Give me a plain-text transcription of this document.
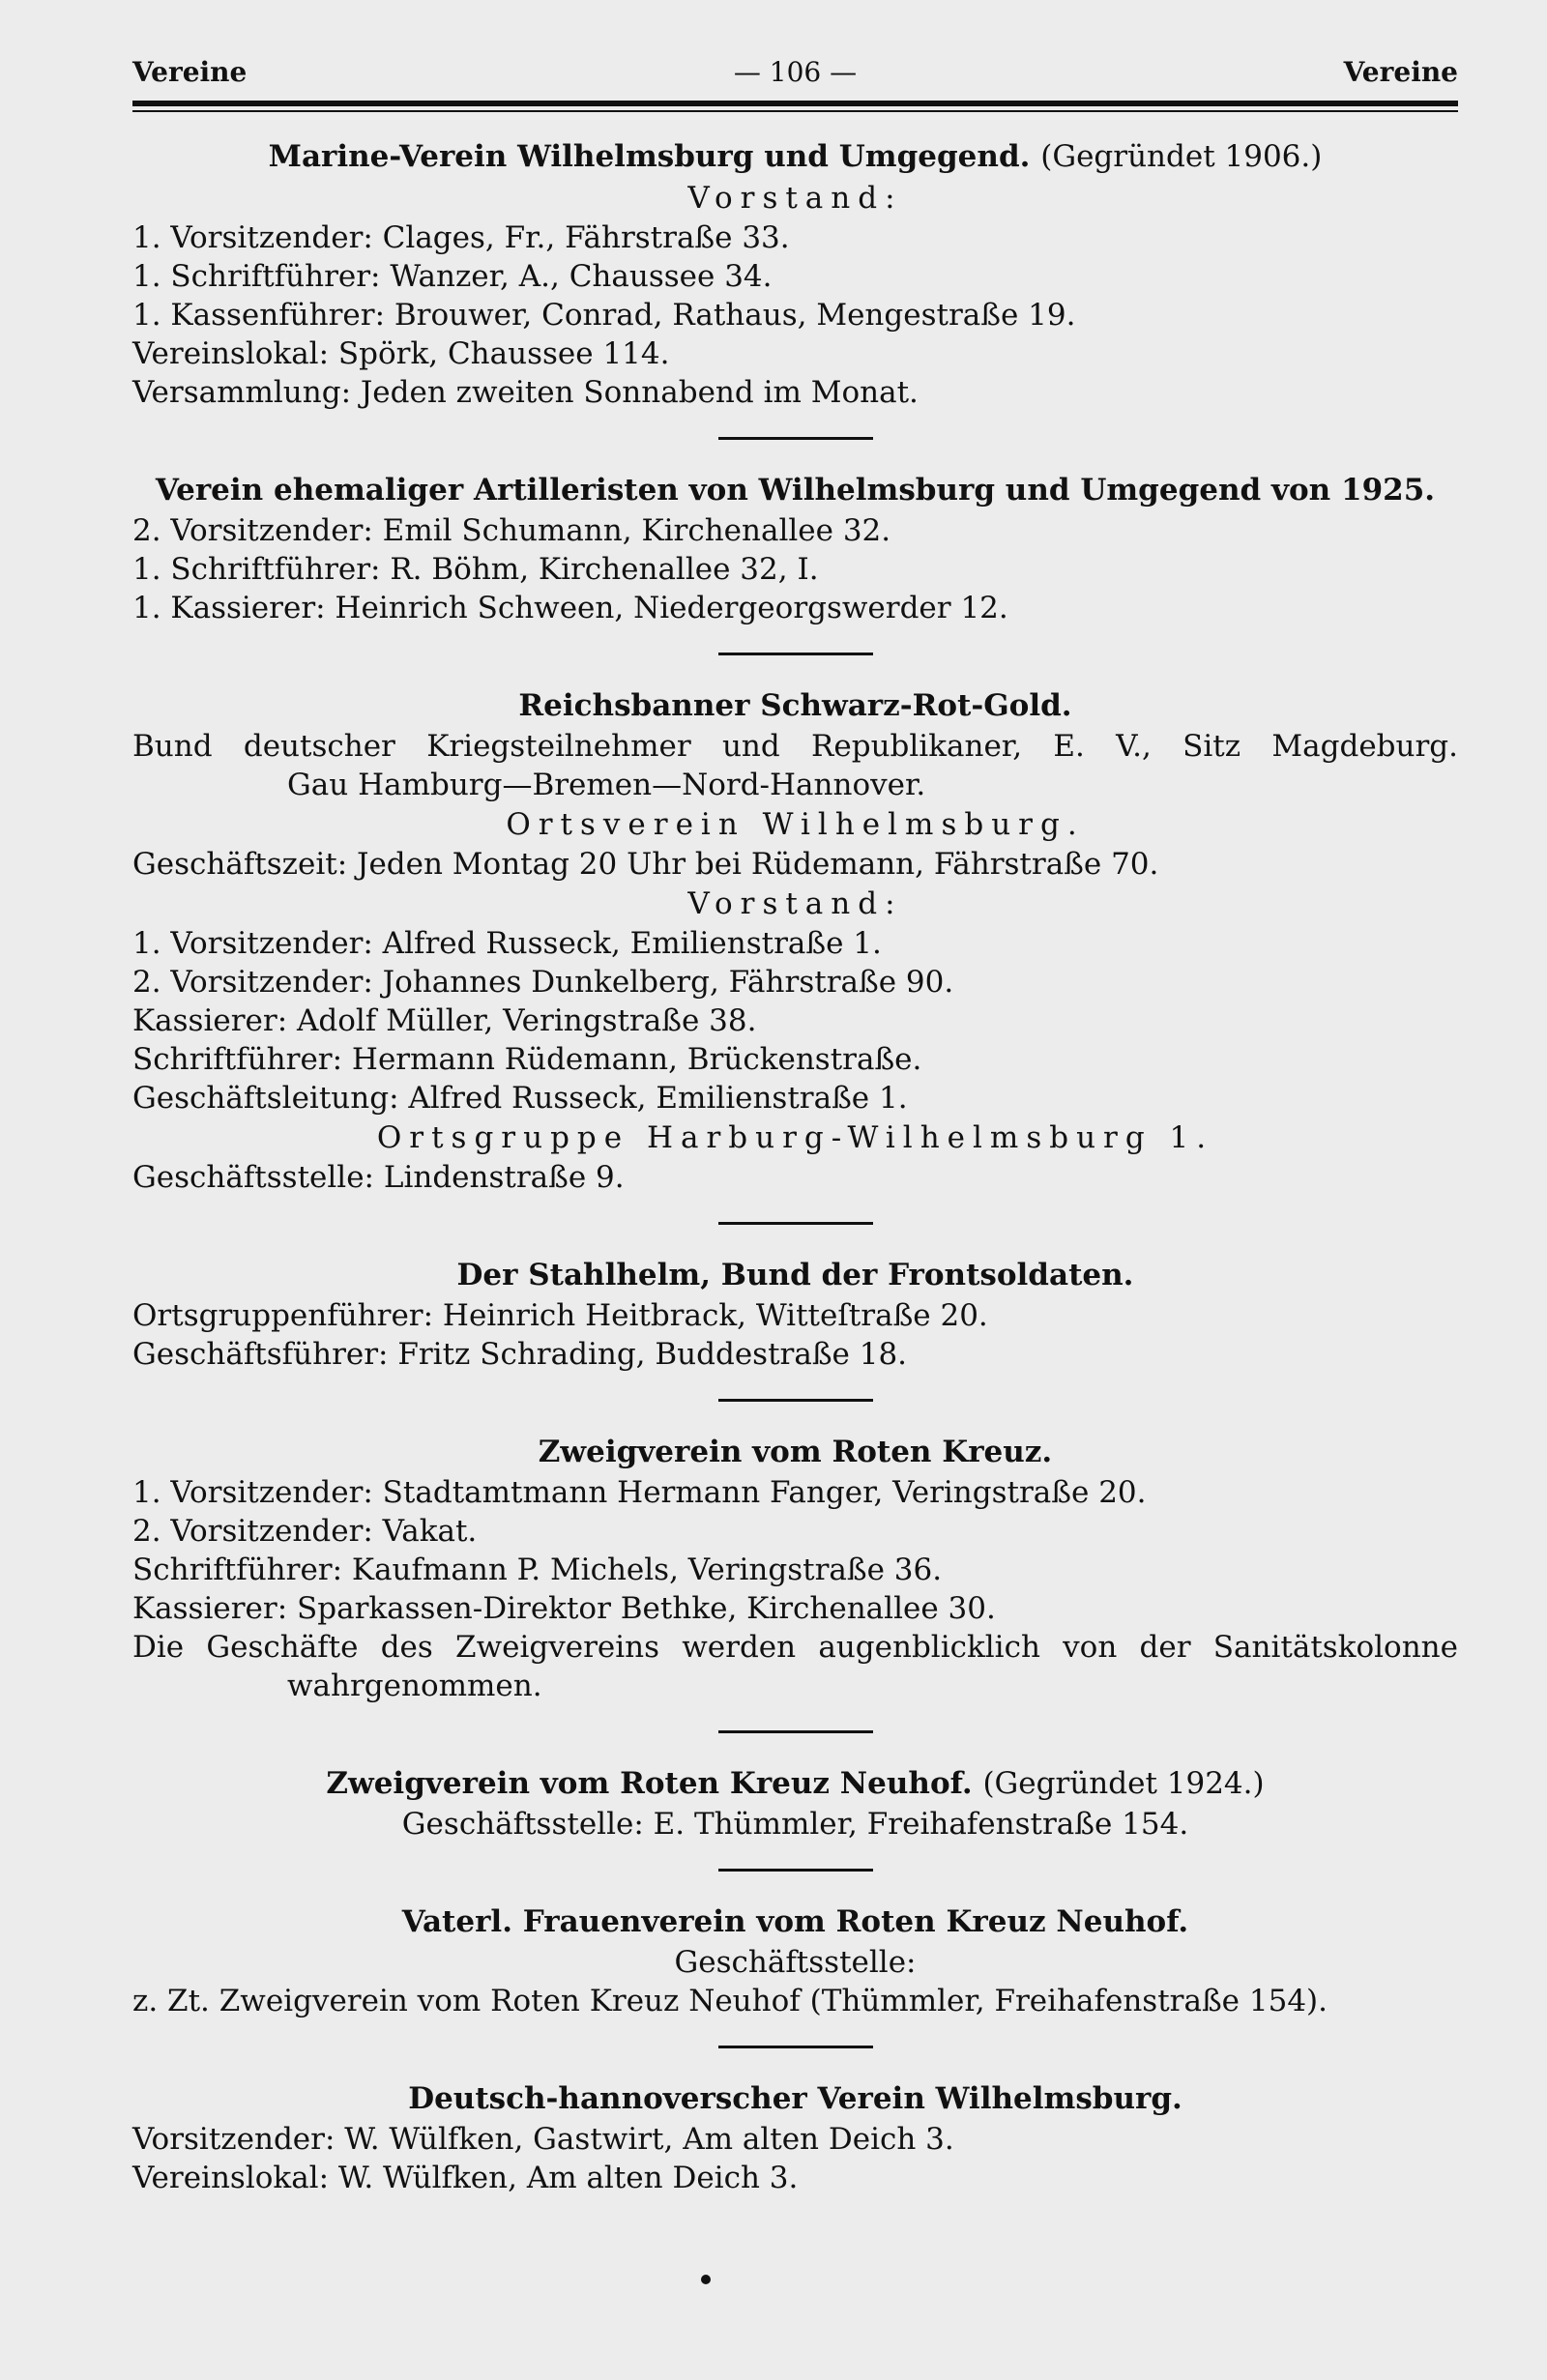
Vereine	— 106 —	Vereine
Marine-Verein Wilhelmsburg und Umgegend. (Gegründet 1906.)
Vorstand:
1. Vorsitzender: Clages, Fr., Fährstraße 33.
1. Schriftführer: Wanzer, A., Chaussee 34.
1. Kassenführer: Brouwer, Conrad, Rathaus, Mengestraße 19.
Vereinslokal: Spörk, Chaussee 114.
Versammlung: Jeden zweiten Sonnabend im Monat.
Verein ehemaliger Artilleristen von Wilhelmsburg und Umgegend von 1925.
2. Vorsitzender: Emil Schumann, Kirchenallee 32.
1. Schriftführer: R. Böhm, Kirchenallee 32, I.
1. Kassierer: Heinrich Schween, Niedergeorgswerder 12.
Reichsbanner Schwarz-Rot-Gold.
Bund deutscher Kriegsteilnehmer und Republikaner, E. V., Sitz Magdeburg.
Gau Hamburg—Bremen—Nord-Hannover.
Ortsverein Wilhelmsburg.
Geschäftszeit: Jeden Montag 20 Uhr bei Rüdemann, Fährstraße 70.
Vorstand:
1. Vorsitzender: Alfred Russeck, Emilienstraße 1.
2. Vorsitzender: Johannes Dunkelberg, Fährstraße 90.
Kassierer: Adolf Müller, Veringstraße 38.
Schriftführer: Hermann Rüdemann, Brückenstraße.
Geschäftsleitung: Alfred Russeck, Emilienstraße 1.
Ortsgruppe Harburg-Wilhelmsburg 1.
Geschäftsstelle: Lindenstraße 9.
Der Stahlhelm, Bund der Frontsoldaten.
Ortsgruppenführer: Heinrich Heitbrack, Witteſtraße 20.
Geschäftsführer: Fritz Schrading, Buddestraße 18.
Zweigverein vom Roten Kreuz.
1. Vorsitzender: Stadtamtmann Hermann Fanger, Veringstraße 20.
2. Vorsitzender: Vakat.
Schriftführer: Kaufmann P. Michels, Veringstraße 36.
Kassierer: Sparkassen-Direktor Bethke, Kirchenallee 30.
Die Geschäfte des Zweigvereins werden augenblicklich von der Sanitätskolonne
wahrgenommen.
Zweigverein vom Roten Kreuz Neuhof. (Gegründet 1924.)
Geschäftsstelle: E. Thümmler, Freihafenstraße 154.
Vaterl. Frauenverein vom Roten Kreuz Neuhof.
Geschäftsstelle:
z. Zt. Zweigverein vom Roten Kreuz Neuhof (Thümmler, Freihafenstraße 154).
Deutsch-hannoverscher Verein Wilhelmsburg.
Vorsitzender: W. Wülfken, Gastwirt, Am alten Deich 3.
Vereinslokal: W. Wülfken, Am alten Deich 3.
